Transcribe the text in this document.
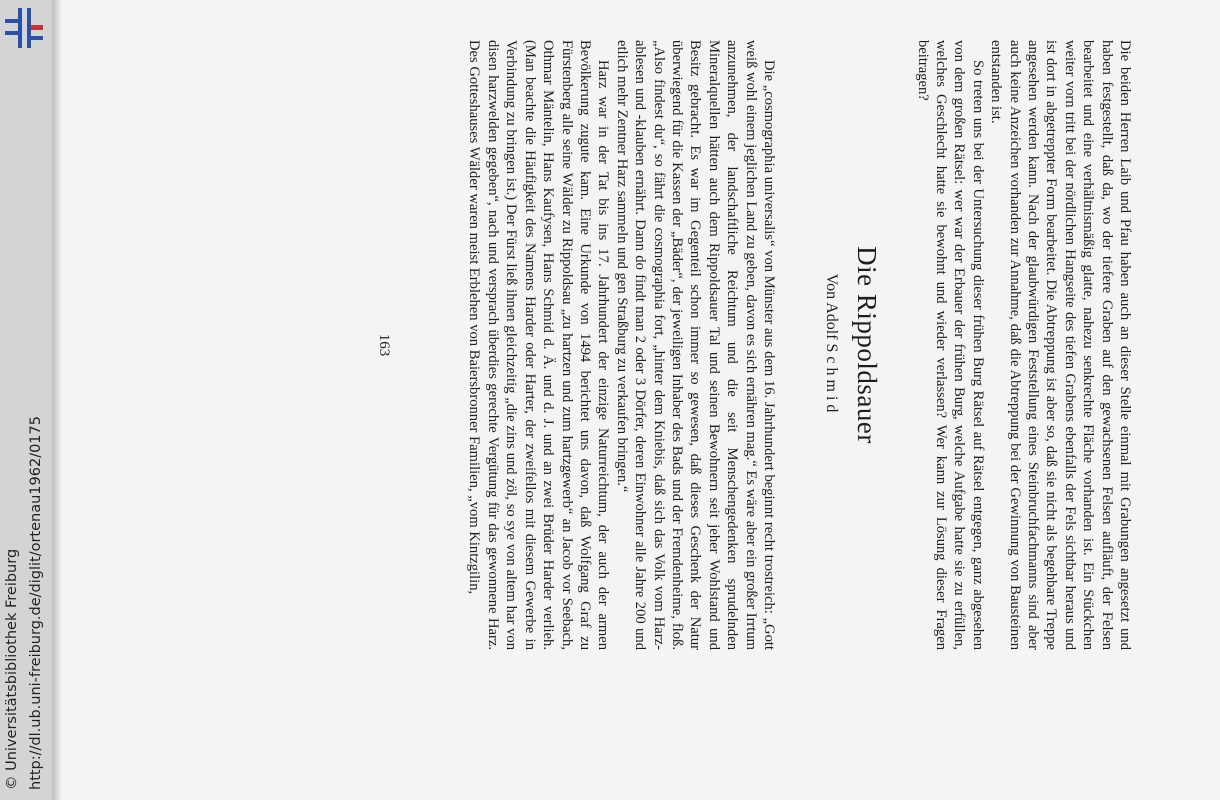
http://dl.ub.uni-freiburg.de/diglit/ortenau1962/0175
© Universitätsbibliothek Freiburg

Die beiden Herren Laib und Pfau haben auch an dieser Stelle einmal mit Grabungen angesetzt und haben festgestellt, daß da, wo der tiefere Graben auf den gewachsenen Felsen aufläuft, der Felsen bearbeitet und eine verhältnismäßig glatte, nahezu senkrechte Fläche vorhanden ist. Ein Stückchen weiter vorn tritt bei der nördlichen Hangseite des tiefen Grabens ebenfalls der Fels sichtbar heraus und ist dort in abgetreppter Form bearbeitet. Die Abtreppung ist aber so, daß sie nicht als begehbare Treppe angesehen werden kann. Nach der glaubwürdigen Feststellung eines Steinbruchfachmanns sind aber auch keine Anzeichen vorhanden zur Annahme, daß die Abtreppung bei der Gewinnung von Bausteinen entstanden ist.

So treten uns bei der Untersuchung dieser frühen Burg Rätsel auf Rätsel entgegen, ganz abgesehen von dem großen Rätsel: wer war der Erbauer der frühen Burg, welche Aufgabe hatte sie zu erfüllen, welches Geschlecht hatte sie bewohnt und wieder verlassen? Wer kann zur Lösung dieser Fragen beitragen?

Die Rippoldsauer
Von Adolf Schmid

Die „cosmographia universalis“ von Münster aus dem 16. Jahrhundert beginnt recht trostreich: „Gott weiß wohl einem jeglichen Land zu geben, davon es sich ernähren mag.“ Es wäre aber ein großer Irrtum anzunehmen, der landschaftliche Reichtum und die seit Menschengedenken sprudelnden Mineralquellen hätten auch dem Rippoldsauer Tal und seinen Bewohnern seit jeher Wohlstand und Besitz gebracht. Es war im Gegenteil schon immer so gewesen, daß dieses Geschenk der Natur überwiegend für die Kassen der „Bäder“, der jeweiligen Inhaber des Bads und der Fremdenheime, floß. „Also findest du“, so fährt die cosmographia fort, „hinter dem Kniebis, daß sich das Volk vom Harz-ablesen und -klauben ernährt. Dann do findt man 2 oder 3 Dörfer, deren Einwohner alle Jahre 200 und etlich mehr Zentner Harz sammeln und gen Straßburg zu verkaufen bringen.“

Harz war in der Tat bis ins 17. Jahrhundert der einzige Naturreichtum, der auch der armen Bevölkerung zugute kam. Eine Urkunde von 1494 berichtet uns davon, daß Wolfgang Graf zu Fürstenberg alle seine Wälder zu Rippoldsau „zu hartzen und zum hartzgewerb“ an Jacob vor Seebach, Othmar Mäntelin, Hans Kaufysen, Hans Schmid d. Ä. und d. J. und an zwei Brüder Harder verlieh. (Man beachte die Häufigkeit des Namens Harder oder Harter, der zweifellos mit diesem Gewerbe in Verbindung zu bringen ist.) Der Fürst ließ ihnen gleichzeitig „die zins und zöl, so sye von altem har von disen harzwelden gegeben“, nach und versprach überdies gerechte Vergütung für das gewonnene Harz. Des Gotteshauses Wälder waren meist Erblehen von Baiersbronner Familien, „vom Kintzgilin,

163
